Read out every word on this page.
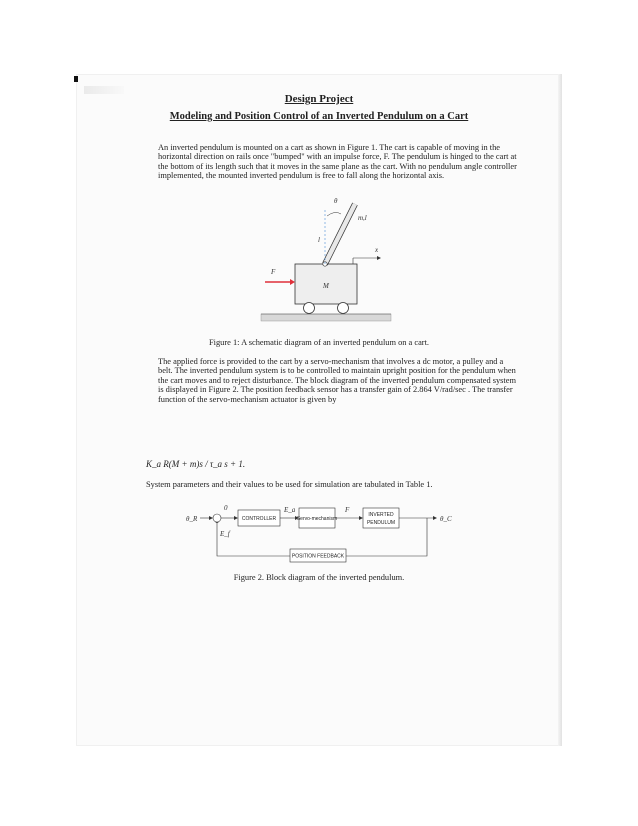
Design Project

Modeling and Position Control of an Inverted Pendulum on a Cart

An inverted pendulum is mounted on a cart as shown in Figure 1. The cart is capable of moving in the horizontal direction on rails once "bumped" with an impulse force, F. The pendulum is hinged to the cart at the bottom of its length such that it moves in the same plane as the cart. With no pendulum angle controller implemented, the mounted inverted pendulum is free to fall along the horizontal axis.

θ
m,l
l
x
F
M

Figure 1: A schematic diagram of an inverted pendulum on a cart.

The applied force is provided to the cart by a servo-mechanism that involves a dc motor, a pulley and a belt. The inverted pendulum system is to be controlled to maintain upright position for the pendulum when the cart moves and to reject disturbance. The block diagram of the inverted pendulum compensated system is displayed in Figure 2. The position feedback sensor has a transfer gain of 2.864 V/rad/sec . The transfer function of the servo-mechanism actuator is given by

K_a R(M + m)s / τ_a s + 1.

System parameters and their values to be used for simulation are tabulated in Table 1.

θ_R
0
CONTROLLER
E_a
Servo-mechanism
F
INVERTED
PENDULUM	θ_C
POSITION FEEDBACK
E_f

Figure 2. Block diagram of the inverted pendulum.
